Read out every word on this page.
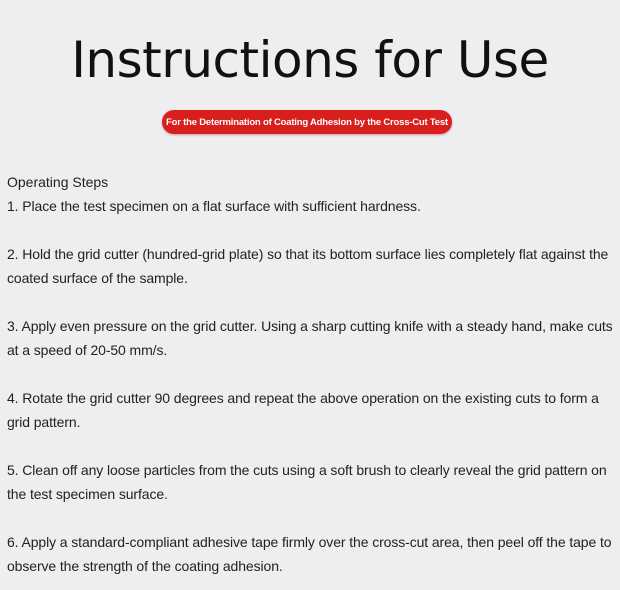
Instructions for Use
For the Determination of Coating Adhesion by the Cross-Cut Test
Operating Steps

1. Place the test specimen on a flat surface with sufficient hardness.

2. Hold the grid cutter (hundred-grid plate) so that its bottom surface lies completely flat against the coated surface of the sample.

3. Apply even pressure on the grid cutter. Using a sharp cutting knife with a steady hand, make cuts at a speed of 20-50 mm/s.

4. Rotate the grid cutter 90 degrees and repeat the above operation on the existing cuts to form a grid pattern.

5. Clean off any loose particles from the cuts using a soft brush to clearly reveal the grid pattern on the test specimen surface.

6. Apply a standard-compliant adhesive tape firmly over the cross-cut area, then peel off the tape to observe the strength of the coating adhesion.
